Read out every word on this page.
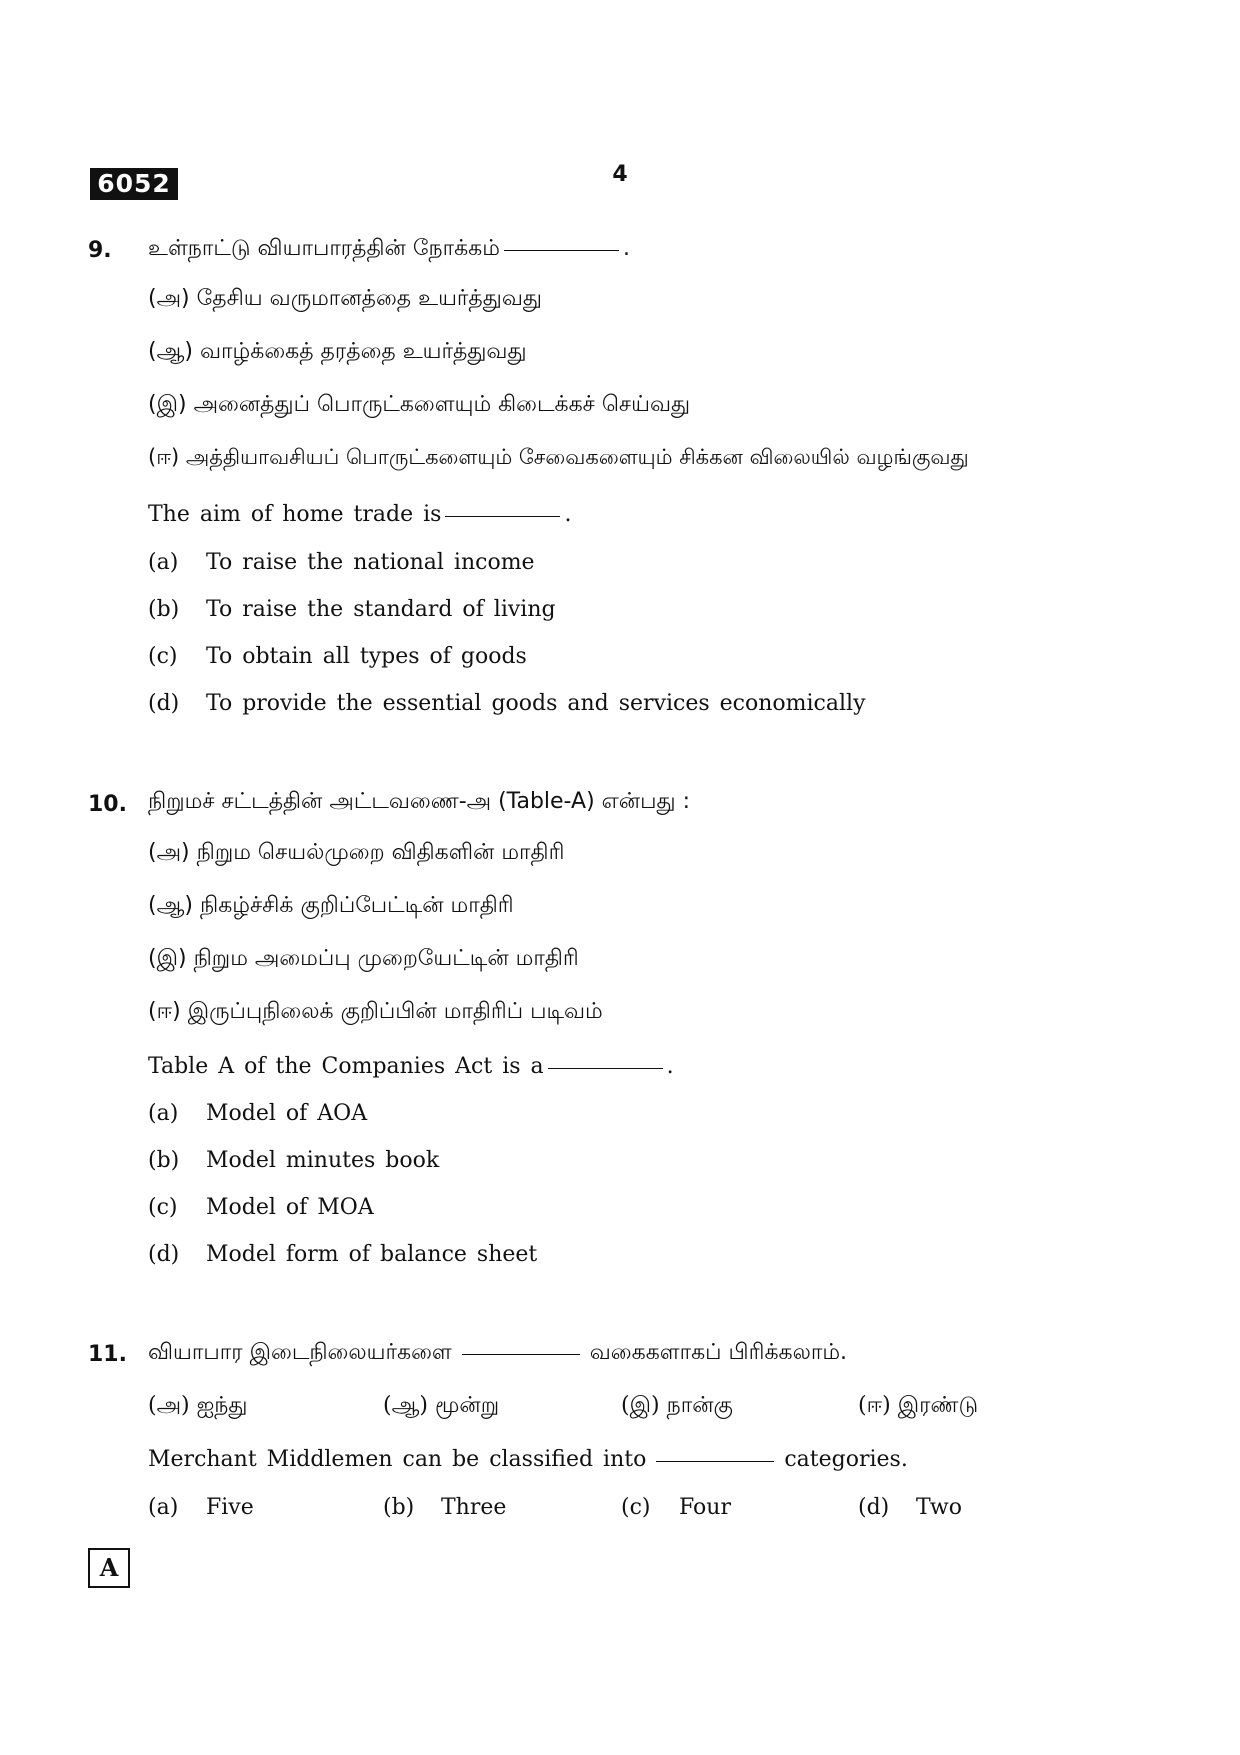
6052	4
9. உள்நாட்டு வியாபாரத்தின் நோக்கம்	.
(அ) தேசிய வருமானத்தை உயர்த்துவது
(ஆ) வாழ்க்கைத் தரத்தை உயர்த்துவது
(இ) அனைத்துப் பொருட்களையும் கிடைக்கச் செய்வது
(ஈ) அத்தியாவசியப் பொருட்களையும் சேவைகளையும் சிக்கன விலையில் வழங்குவது
The aim of home trade is	.
(a) To raise the national income
(b) To raise the standard of living
(c) To obtain all types of goods
(d) To provide the essential goods and services economically
10. நிறுமச் சட்டத்தின் அட்டவணை-அ (Table-A) என்பது :
(அ) நிறும செயல்முறை விதிகளின் மாதிரி
(ஆ) நிகழ்ச்சிக் குறிப்பேட்டின் மாதிரி
(இ) நிறும அமைப்பு முறையேட்டின் மாதிரி
(ஈ) இருப்புநிலைக் குறிப்பின் மாதிரிப் படிவம்
Table A of the Companies Act is a	.
(a) Model of AOA
(b) Model minutes book
(c) Model of MOA
(d) Model form of balance sheet
11. வியாபார இடைநிலையர்களை	வகைகளாகப் பிரிக்கலாம்.
(அ) ஐந்து	(ஆ) மூன்று	(இ) நான்கு	(ஈ) இரண்டு
Merchant Middlemen can be classified into	categories.
(a) Five	(b) Three	(c) Four	(d) Two
A
